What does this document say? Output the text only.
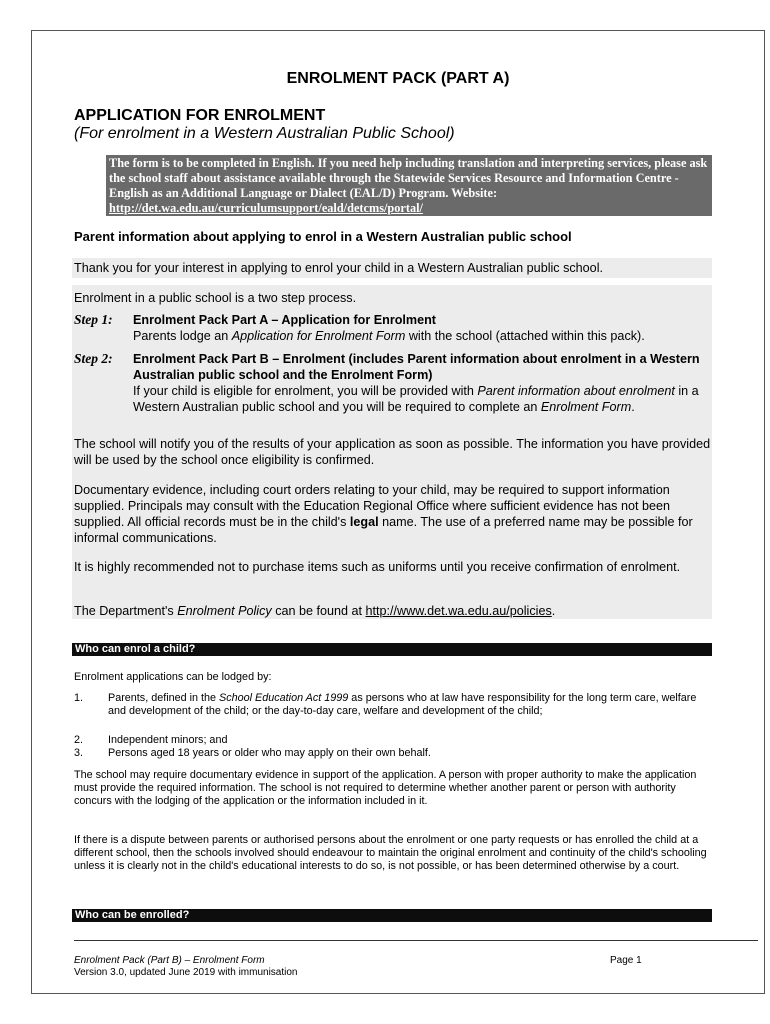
ENROLMENT PACK (PART A)
APPLICATION FOR ENROLMENT
(For enrolment in a Western Australian Public School)
The form is to be completed in English. If you need help including translation and interpreting services, please ask the school staff about assistance available through the Statewide Services Resource and Information Centre - English as an Additional Language or Dialect (EAL/D) Program. Website: http://det.wa.edu.au/curriculumsupport/eald/detcms/portal/
Parent information about applying to enrol in a Western Australian public school
Thank you for your interest in applying to enrol your child in a Western Australian public school.
Enrolment in a public school is a two step process.
Step 1: Enrolment Pack Part A – Application for Enrolment
Parents lodge an Application for Enrolment Form with the school (attached within this pack).
Step 2: Enrolment Pack Part B – Enrolment (includes Parent information about enrolment in a Western Australian public school and the Enrolment Form)
If your child is eligible for enrolment, you will be provided with Parent information about enrolment in a Western Australian public school and you will be required to complete an Enrolment Form.
The school will notify you of the results of your application as soon as possible. The information you have provided will be used by the school once eligibility is confirmed.
Documentary evidence, including court orders relating to your child, may be required to support information supplied. Principals may consult with the Education Regional Office where sufficient evidence has not been supplied. All official records must be in the child's legal name. The use of a preferred name may be possible for informal communications.
It is highly recommended not to purchase items such as uniforms until you receive confirmation of enrolment.
The Department's Enrolment Policy can be found at http://www.det.wa.edu.au/policies.
Who can enrol a child?
Enrolment applications can be lodged by:
1. Parents, defined in the School Education Act 1999 as persons who at law have responsibility for the long term care, welfare and development of the child; or the day-to-day care, welfare and development of the child;
2. Independent minors; and
3. Persons aged 18 years or older who may apply on their own behalf.
The school may require documentary evidence in support of the application. A person with proper authority to make the application must provide the required information. The school is not required to determine whether another parent or person with authority concurs with the lodging of the application or the information included in it.
If there is a dispute between parents or authorised persons about the enrolment or one party requests or has enrolled the child at a different school, then the schools involved should endeavour to maintain the original enrolment and continuity of the child's schooling unless it is clearly not in the child's educational interests to do so, is not possible, or has been determined otherwise by a court.
Who can be enrolled?
Enrolment Pack (Part B) – Enrolment Form
Version 3.0, updated June 2019 with immunisation
Page 1
